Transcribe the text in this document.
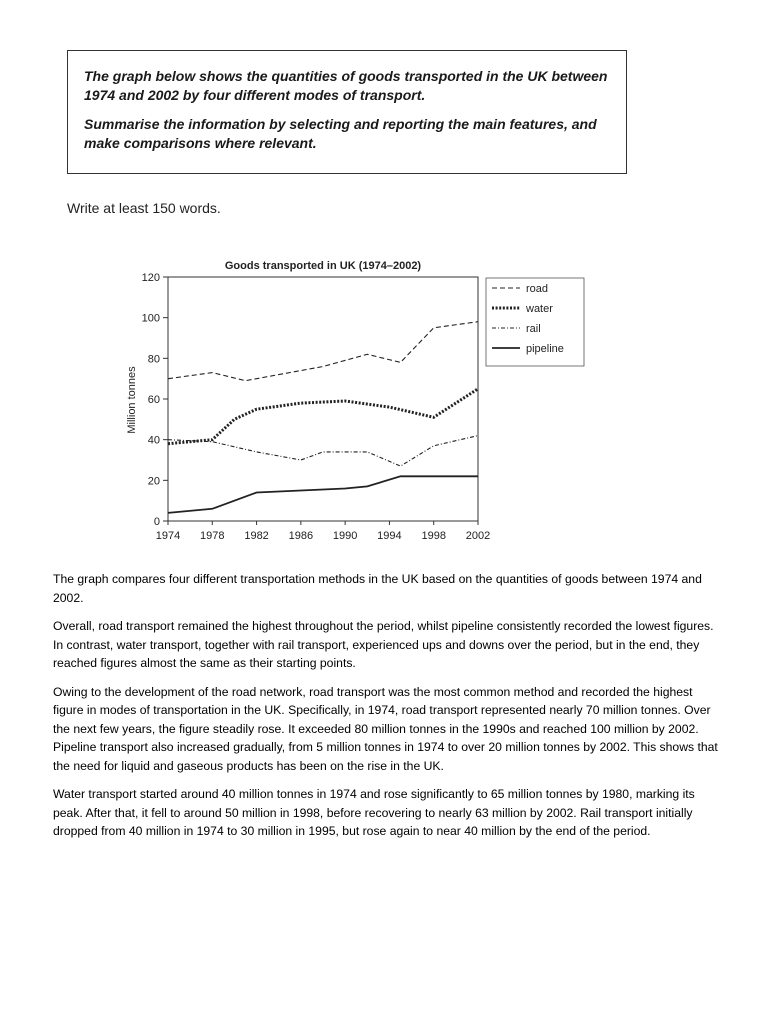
The graph below shows the quantities of goods transported in the UK between 1974 and 2002 by four different modes of transport.

Summarise the information by selecting and reporting the main features, and make comparisons where relevant.

Write at least 150 words.
Goods transported in UK (1974–2002)
Million tonnes
0
20
40
60
80
100
120
1974 1978 1982 1986 1990 1994 1998 2002
road
water
rail
pipeline

The graph compares four different transportation methods in the UK based on the quantities of goods between 1974 and 2002.

Overall, road transport remained the highest throughout the period, whilst pipeline consistently recorded the lowest figures. In contrast, water transport, together with rail transport, experienced ups and downs over the period, but in the end, they reached figures almost the same as their starting points.

Owing to the development of the road network, road transport was the most common method and recorded the highest figure in modes of transportation in the UK. Specifically, in 1974, road transport represented nearly 70 million tonnes. Over the next few years, the figure steadily rose. It exceeded 80 million tonnes in the 1990s and reached 100 million by 2002. Pipeline transport also increased gradually, from 5 million tonnes in 1974 to over 20 million tonnes by 2002. This shows that the need for liquid and gaseous products has been on the rise in the UK.

Water transport started around 40 million tonnes in 1974 and rose significantly to 65 million tonnes by 1980, marking its peak. After that, it fell to around 50 million in 1998, before recovering to nearly 63 million by 2002. Rail transport initially dropped from 40 million in 1974 to 30 million in 1995, but rose again to near 40 million by the end of the period.
